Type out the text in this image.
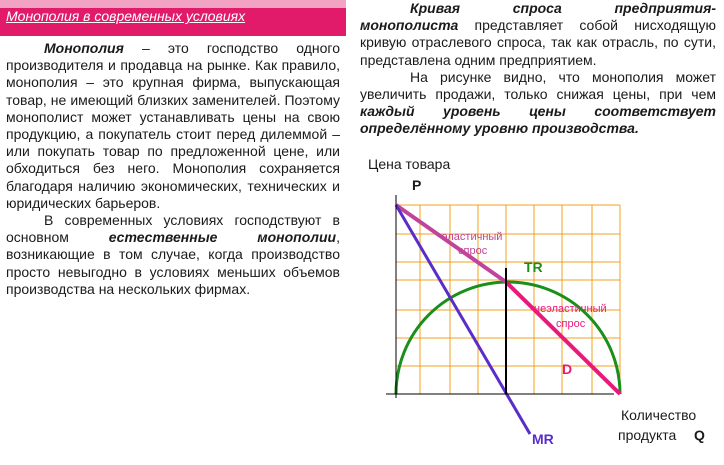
Монополия в современных условиях

Монополия – это господство одного производителя и продавца на рынке. Как правило, монополия – это крупная фирма, выпускающая товар, не имеющий близких заменителей. Поэтому монополист может устанавливать цены на свою продукцию, а покупатель стоит перед дилеммой – или покупать товар по предложенной цене, или обходиться без него. Монополия сохраняется благодаря наличию экономических, технических и юридических барьеров.

В современных условиях господствуют в основном естественные монополии, возникающие в том случае, когда производство просто невыгодно в условиях меньших объемов производства на нескольких фирмах.

Кривая спроса предприятия-монополиста представляет собой нисходящую кривую отраслевого спроса, так как отрасль, по сути, представлена одним предприятием.

На рисунке видно, что монополия может увеличить продажи, только снижая цены, при чем каждый уровень цены соответствует определённому уровню производства.

Цена товара
P
Количество
продукта Q
эластичный
спрос
неэластичный
спрос
TR
D
MR
